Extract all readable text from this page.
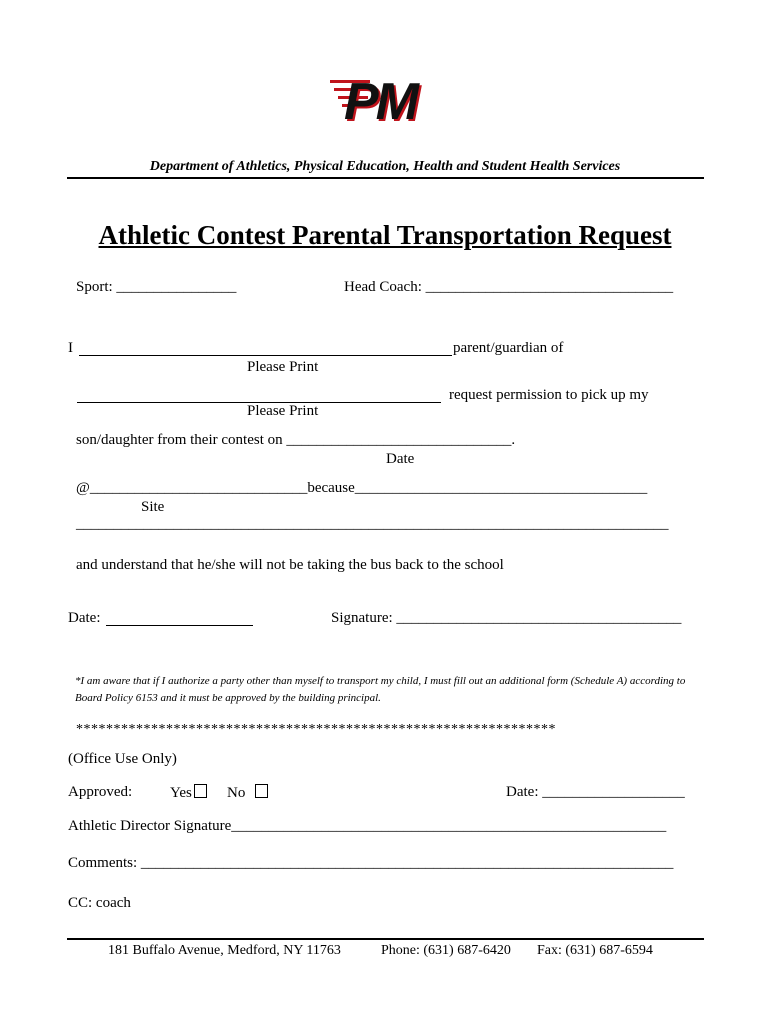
PM
Department of Athletics, Physical Education, Health and Student Health Services
Athletic Contest Parental Transportation Request
Sport: ________________	Head Coach: _________________________________
I	parent/guardian of
Please Print
request permission to pick up my
Please Print
son/daughter from their contest on ______________________________.
Date
@_____________________________because_______________________________________
Site
_______________________________________________________________________________
and understand that he/she will not be taking the bus back to the school
Date:	Signature: ______________________________________
*I am aware that if I authorize a party other than myself to transport my child, I must fill out an additional form (Schedule A) according to Board Policy 6153 and it must be approved by the building principal.
****************************************************************
(Office Use Only)
Approved:	Yes	No	Date: ___________________
Athletic Director Signature__________________________________________________________
Comments: _______________________________________________________________________
CC: coach
181 Buffalo Avenue, Medford, NY 11763	Phone: (631) 687-6420 Fax: (631) 687-6594
